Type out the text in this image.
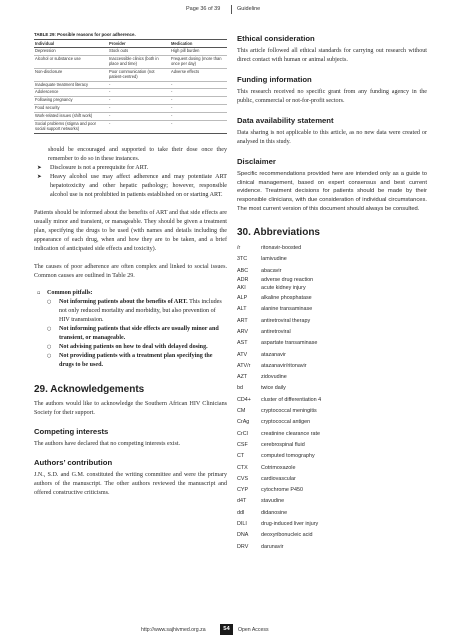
Page 36 of 39	Guideline
TABLE 29: Possible reasons for poor adherence.
Individual	Provider	Medication
Depression	Stock outs	High pill burden
Alcohol or substance use	Inaccessible clinics (both in place and time)	Frequent dosing (more than once per day)
Non-disclosure	Poor communication (not patient-centred)	Adverse effects
Inadequate treatment literacy	-	-
Adolescence	-	-
Following pregnancy	-	-
Food security	-	-
Work-related issues (shift work)	-	-
Social problems (stigma and poor social support networks)	-	-

should be encouraged and supported to take their dose once they remember to do so in these instances.

➤ Disclosure is not a prerequisite for ART.
➤ Heavy alcohol use may affect adherence and may potentiate ART hepatotoxicity and other hepatic pathology; however, responsible alcohol use is not prohibited in patients established on or starting ART.

Patients should be informed about the benefits of ART and that side effects are usually minor and transient, or manageable. They should be given a treatment plan, specifying the drugs to be used (with names and details including the appearance of each drug, when and how they are to be taken, and a brief indication of anticipated side effects and toxicity).

The causes of poor adherence are often complex and linked to social issues. Common causes are outlined in Table 29.

▫ Common pitfalls:
○ Not informing patients about the benefits of ART. This includes not only reduced mortality and morbidity, but also prevention of HIV transmission.
○ Not informing patients that side effects are usually minor and transient, or manageable.
○ Not advising patients on how to deal with delayed dosing.
○ Not providing patients with a treatment plan specifying the drugs to be used.
29. Acknowledgements

The authors would like to acknowledge the Southern African HIV Clinicians Society for their support.

Competing interests

The authors have declared that no competing interests exist.

Authors’ contribution

J.N., S.D. and G.M. constituted the writing committee and were the primary authors of the manuscript. The other authors reviewed the manuscript and offered constructive criticisms.

Ethical consideration

This article followed all ethical standards for carrying out research without direct contact with human or animal subjects.

Funding information

This research received no specific grant from any funding agency in the public, commercial or not-for-profit sectors.

Data availability statement

Data sharing is not applicable to this article, as no new data were created or analysed in this study.

Disclaimer

Specific recommendations provided here are intended only as a guide to clinical management, based on expert consensus and best current evidence. Treatment decisions for patients should be made by their responsible clinicians, with due consideration of individual circumstances. The most current version of this document should always be consulted.

30. Abbreviations
/r	ritonavir-boosted
3TC	lamivudine
ABC	abacavir
ADR	adverse drug reaction
AKI	acute kidney injury
ALP	alkaline phosphatase
ALT	alanine transaminase
ART	antiretroviral therapy
ARV	antiretroviral
AST	aspartate transaminase
ATV	atazanavir
ATV/r	atazanavir/ritonavir
AZT	zidovudine
bd	twice daily
CD4+	cluster of differentiation 4
CM	cryptococcal meningitis
CrAg	cryptococcal antigen
CrCl	creatinine clearance rate
CSF	cerebrospinal fluid
CT	computed tomography
CTX	Cotrimoxazole
CVS	cardiovascular
CYP	cytochrome P450
d4T	stavudine
ddI	didanosine
DILI	drug-induced liver injury
DNA	deoxyribonucleic acid
DRV	darunavir
http://www.sajhivmed.org.za	54	Open Access
